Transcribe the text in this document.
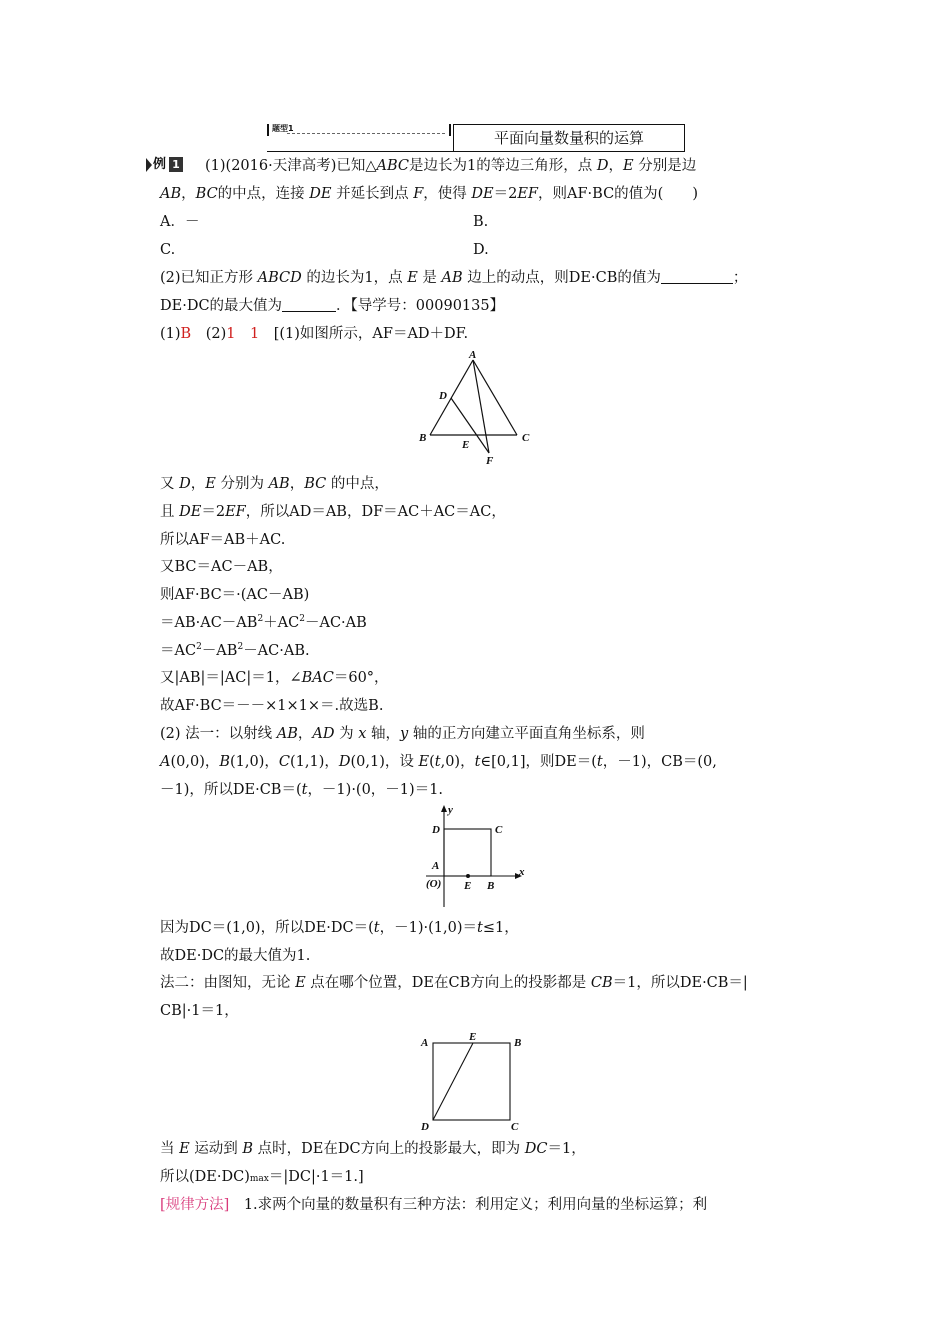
题型1
平面向量数量积的运算
例 1 (1)(2016·天津高考)已知△ABC是边长为1的等边三角形，点 D，E 分别是边
AB，BC的中点，连接 DE 并延长到点 F，使得 DE＝2EF，则AF·BC的值为(　　)
A．－	B.
C.	D.
(2)已知正方形 ABCD 的边长为1，点 E 是 AB 边上的动点，则DE·CB的值为	；
DE·DC的最大值为	．【导学号：00090135】
(1)B　(2)1　 1　[(1)如图所示，AF＝AD＋DF.
A
B	C
D
E
F
又 D，E 分别为 AB，BC 的中点，
且 DE＝2EF，所以AD＝AB，DF＝AC＋AC＝AC，
所以AF＝AB＋AC.
又BC＝AC－AB，
则AF·BC＝·(AC－AB)
$=AB\cdot AC-AB^2+AC^2-AC\cdot AB$
$=AC^2-AB^2-AC\cdot AB$.
又|AB|＝|AC|＝1，∠BAC＝60°，
故AF·BC＝－－×1×1×＝.故选B.
(2) 法一：以射线 AB，AD 为 x 轴，y 轴的正方向建立平面直角坐标系，则
A(0,0)，B(1,0)，C(1,1)，D(0,1)，设 E(t,0)，t∈[0,1]，则DE＝(t，－1)，CB＝(0,
－1)，所以DE·CB＝(t，－1)·(0，－1)＝1.
y
x
D	C
A
(O) E B
因为DC＝(1,0)，所以DE·DC＝(t，－1)·(1,0)＝t≤1，
故DE·DC的最大值为1.
法二：由图知，无论 E 点在哪个位置，DE在CB方向上的投影都是 CB＝1，所以DE·CB＝|
CB|·1＝1，
A	E	B
D	C
当 E 运动到 B 点时，DE在DC方向上的投影最大，即为 DC＝1，
所以(DE·DC)max＝|DC|·1＝1.]
[规律方法]　1.求两个向量的数量积有三种方法：利用定义；利用向量的坐标运算；利
